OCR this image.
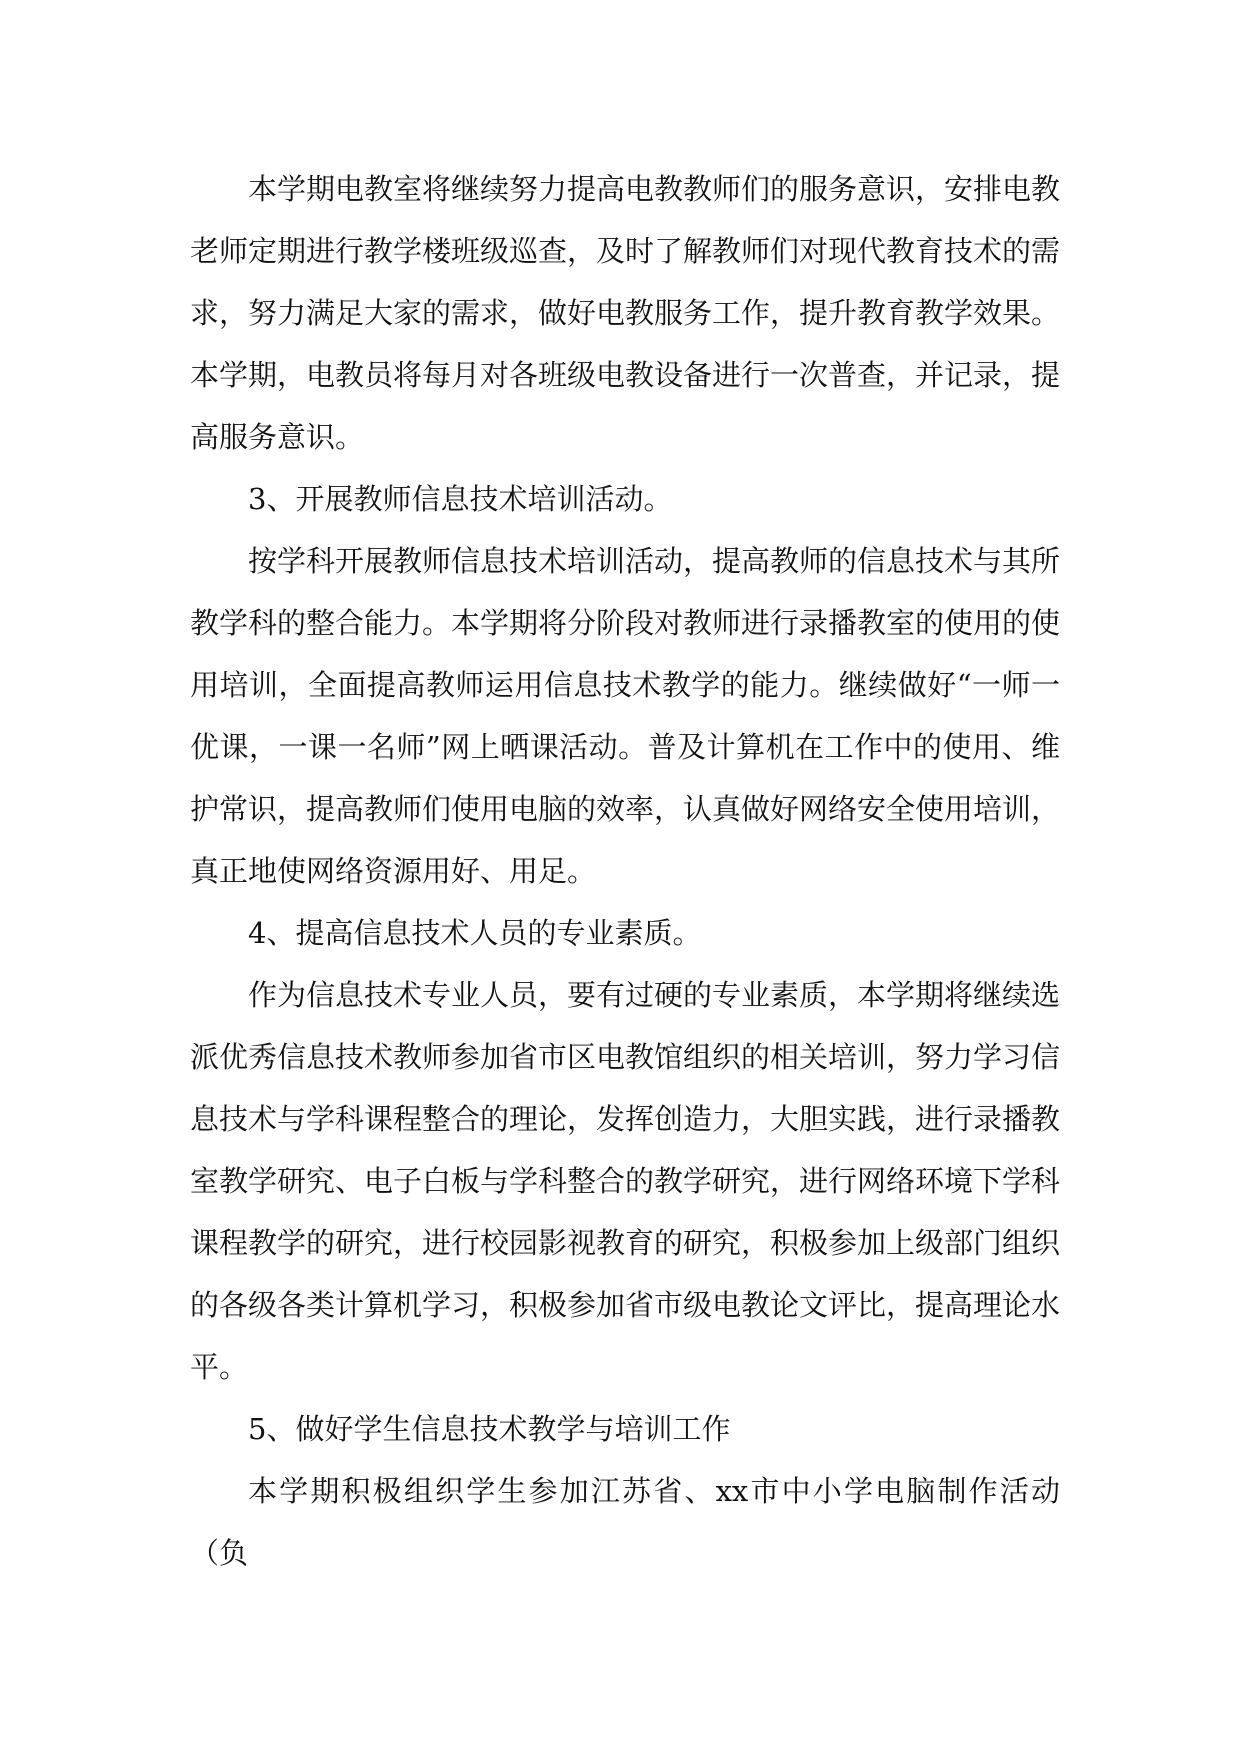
本学期电教室将继续努力提高电教教师们的服务意识，安排电教老师定期进行教学楼班级巡查，及时了解教师们对现代教育技术的需求，努力满足大家的需求，做好电教服务工作，提升教育教学效果。本学期，电教员将每月对各班级电教设备进行一次普查，并记录，提高服务意识。

3、开展教师信息技术培训活动。

按学科开展教师信息技术培训活动，提高教师的信息技术与其所教学科的整合能力。本学期将分阶段对教师进行录播教室的使用的使用培训，全面提高教师运用信息技术教学的能力。继续做好“一师一优课，一课一名师”网上晒课活动。普及计算机在工作中的使用、维护常识，提高教师们使用电脑的效率，认真做好网络安全使用培训，真正地使网络资源用好、用足。

4、提高信息技术人员的专业素质。

作为信息技术专业人员，要有过硬的专业素质，本学期将继续选派优秀信息技术教师参加省市区电教馆组织的相关培训，努力学习信息技术与学科课程整合的理论，发挥创造力，大胆实践，进行录播教室教学研究、电子白板与学科整合的教学研究，进行网络环境下学科课程教学的研究，进行校园影视教育的研究，积极参加上级部门组织的各级各类计算机学习，积极参加省市级电教论文评比，提高理论水平。

5、做好学生信息技术教学与培训工作

本学期积极组织学生参加江苏省、xx市中小学电脑制作活动（负
